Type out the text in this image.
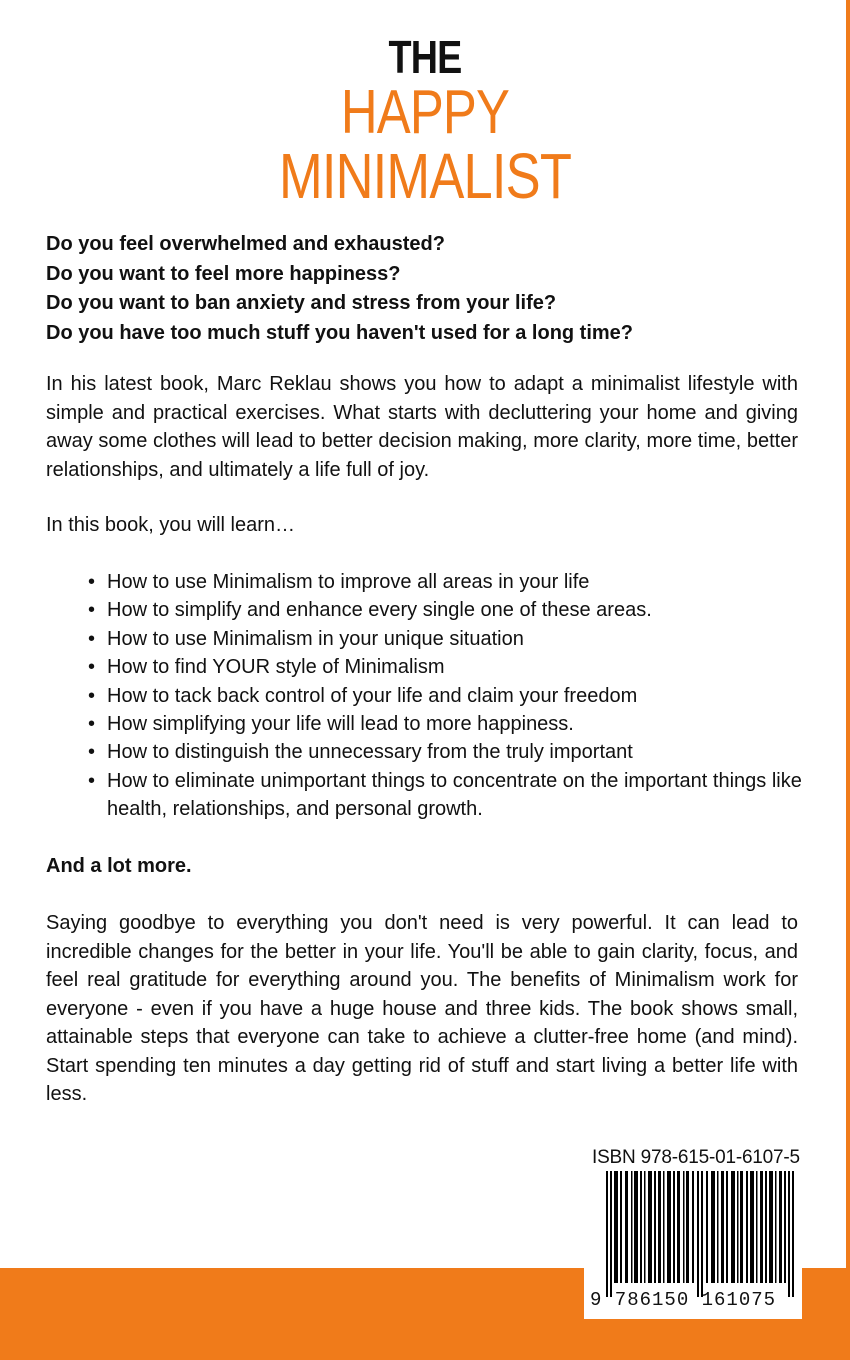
THE
HAPPY
MINIMALIST

Do you feel overwhelmed and exhausted?

Do you want to feel more happiness?

Do you want to ban anxiety and stress from your life?

Do you have too much stuff you haven't used for a long time?

In his latest book, Marc Reklau shows you how to adapt a minimalist lifestyle with simple and practical exercises. What starts with decluttering your home and giving away some clothes will lead to better decision making, more clarity, more time, better relationships, and ultimately a life full of joy.

In this book, you will learn…

• How to use Minimalism to improve all areas in your life
• How to simplify and enhance every single one of these areas.
• How to use Minimalism in your unique situation
• How to find YOUR style of Minimalism
• How to tack back control of your life and claim your freedom
• How simplifying your life will lead to more happiness.
• How to distinguish the unnecessary from the truly important
• How to eliminate unimportant things to concentrate on the important things like health, relationships, and personal growth.

And a lot more.

Saying goodbye to everything you don't need is very powerful. It can lead to incredible changes for the better in your life. You'll be able to gain clarity, focus, and feel real gratitude for everything around you. The benefits of Minimalism work for everyone - even if you have a huge house and three kids. The book shows small, attainable steps that everyone can take to achieve a clutter-free home (and mind). Start spending ten minutes a day getting rid of stuff and start living a better life with less.

ISBN 978-615-01-6107-5
9 786150 161075
